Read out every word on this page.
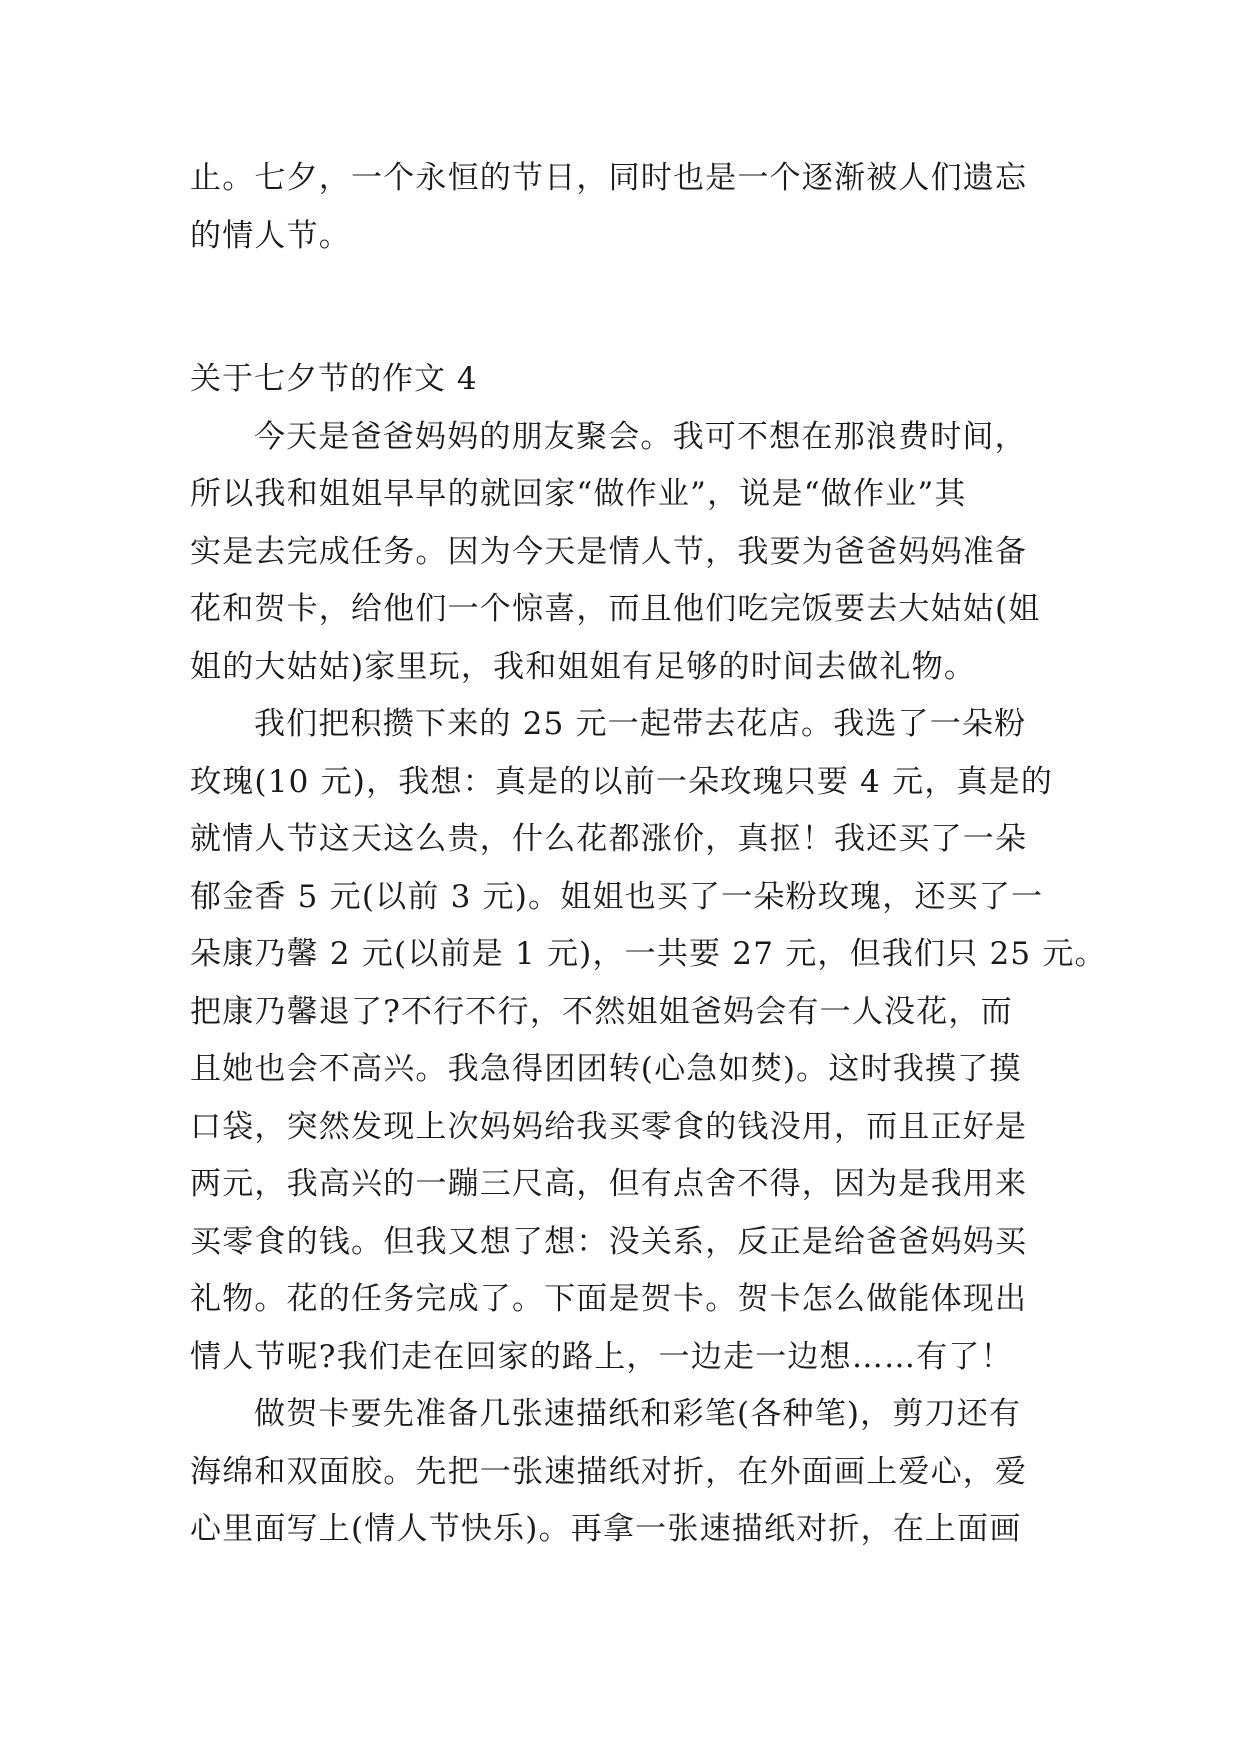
止。七夕，一个永恒的节日，同时也是一个逐渐被人们遗忘
的情人节。
关于七夕节的作文 4
今天是爸爸妈妈的朋友聚会。我可不想在那浪费时间，
所以我和姐姐早早的就回家“做作业”，说是“做作业”其
实是去完成任务。因为今天是情人节，我要为爸爸妈妈准备
花和贺卡，给他们一个惊喜，而且他们吃完饭要去大姑姑(姐
姐的大姑姑)家里玩，我和姐姐有足够的时间去做礼物。
我们把积攒下来的 25 元一起带去花店。我选了一朵粉
玫瑰(10 元)，我想：真是的以前一朵玫瑰只要 4 元，真是的
就情人节这天这么贵，什么花都涨价，真抠！我还买了一朵
郁金香 5 元(以前 3 元)。姐姐也买了一朵粉玫瑰，还买了一
朵康乃馨 2 元(以前是 1 元)，一共要 27 元，但我们只 25 元。
把康乃馨退了?不行不行，不然姐姐爸妈会有一人没花，而
且她也会不高兴。我急得团团转(心急如焚)。这时我摸了摸
口袋，突然发现上次妈妈给我买零食的钱没用，而且正好是
两元，我高兴的一蹦三尺高，但有点舍不得，因为是我用来
买零食的钱。但我又想了想：没关系，反正是给爸爸妈妈买
礼物。花的任务完成了。下面是贺卡。贺卡怎么做能体现出
情人节呢?我们走在回家的路上，一边走一边想……有了！
做贺卡要先准备几张速描纸和彩笔(各种笔)，剪刀还有
海绵和双面胶。先把一张速描纸对折，在外面画上爱心，爱
心里面写上(情人节快乐)。再拿一张速描纸对折，在上面画
